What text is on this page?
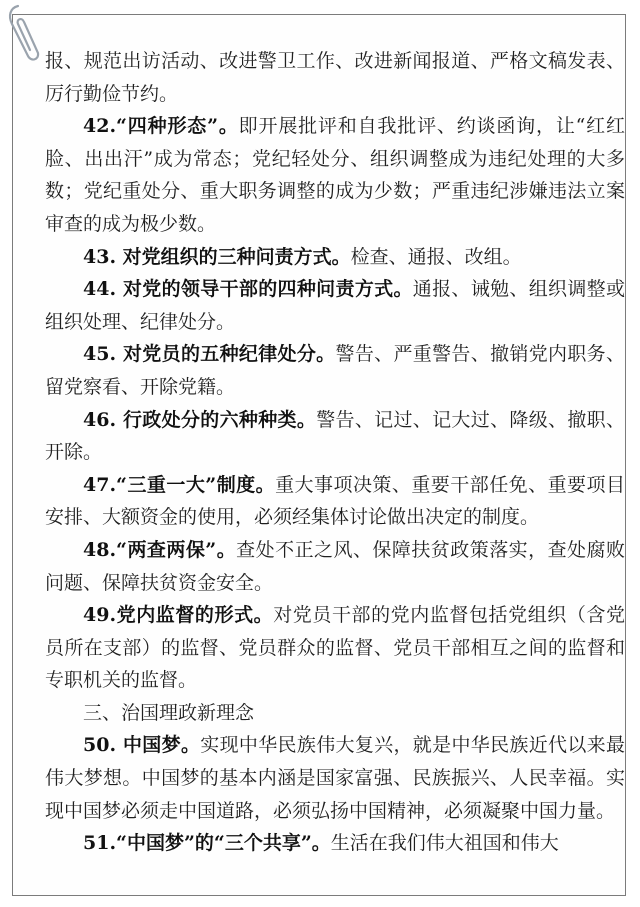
报、规范出访活动、改进警卫工作、改进新闻报道、严格文稿发表、厉行勤俭节约。

42.“四种形态”。即开展批评和自我批评、约谈函询，让“红红脸、出出汗”成为常态；党纪轻处分、组织调整成为违纪处理的大多数；党纪重处分、重大职务调整的成为少数；严重违纪涉嫌违法立案审查的成为极少数。

43. 对党组织的三种问责方式。检查、通报、改组。

44. 对党的领导干部的四种问责方式。通报、诫勉、组织调整或组织处理、纪律处分。

45. 对党员的五种纪律处分。警告、严重警告、撤销党内职务、留党察看、开除党籍。

46. 行政处分的六种种类。警告、记过、记大过、降级、撤职、开除。

47.“三重一大”制度。重大事项决策、重要干部任免、重要项目安排、大额资金的使用，必须经集体讨论做出决定的制度。

48.“两查两保”。查处不正之风、保障扶贫政策落实，查处腐败问题、保障扶贫资金安全。

49.党内监督的形式。对党员干部的党内监督包括党组织（含党员所在支部）的监督、党员群众的监督、党员干部相互之间的监督和专职机关的监督。

三、治国理政新理念

50. 中国梦。实现中华民族伟大复兴，就是中华民族近代以来最伟大梦想。中国梦的基本内涵是国家富强、民族振兴、人民幸福。实现中国梦必须走中国道路，必须弘扬中国精神，必须凝聚中国力量。

51.“中国梦”的“三个共享”。生活在我们伟大祖国和伟大
